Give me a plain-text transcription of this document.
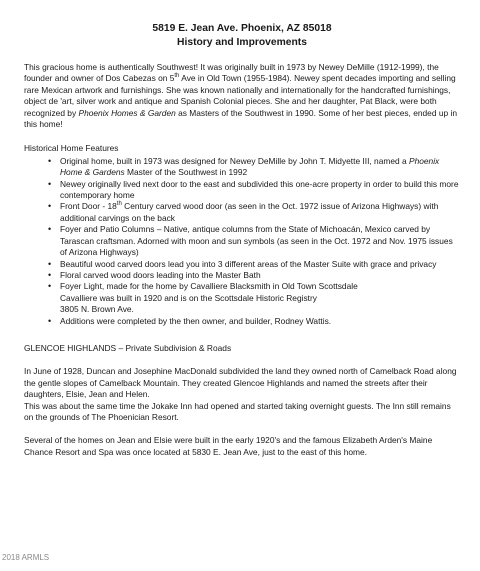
5819 E. Jean Ave. Phoenix, AZ 85018

History and Improvements

This gracious home is authentically Southwest! It was originally built in 1973 by Newey DeMille (1912-1999), the founder and owner of Dos Cabezas on 5th Ave in Old Town (1955-1984). Newey spent decades importing and selling rare Mexican artwork and furnishings. She was known nationally and internationally for the handcrafted furnishings, object de 'art, silver work and antique and Spanish Colonial pieces. She and her daughter, Pat Black, were both recognized by Phoenix Homes & Garden as Masters of the Southwest in 1990. Some of her best pieces, ended up in this home!

Historical Home Features

• Original home, built in 1973 was designed for Newey DeMille by John T. Midyette III, named a Phoenix Home & Gardens Master of the Southwest in 1992
• Newey originally lived next door to the east and subdivided this one-acre property in order to build this more contemporary home
• Front Door - 18th Century carved wood door (as seen in the Oct. 1972 issue of Arizona Highways) with additional carvings on the back
• Foyer and Patio Columns – Native, antique columns from the State of Michoacán, Mexico carved by Tarascan craftsman. Adorned with moon and sun symbols (as seen in the Oct. 1972 and Nov. 1975 issues of Arizona Highways)
• Beautiful wood carved doors lead you into 3 different areas of the Master Suite with grace and privacy
• Floral carved wood doors leading into the Master Bath
• Foyer Light, made for the home by Cavalliere Blacksmith in Old Town Scottsdale
Cavalliere was built in 1920 and is on the Scottsdale Historic Registry
3805 N. Brown Ave.
• Additions were completed by the then owner, and builder, Rodney Wattis.

GLENCOE HIGHLANDS – Private Subdivision & Roads

In June of 1928, Duncan and Josephine MacDonald subdivided the land they owned north of Camelback Road along the gentle slopes of Camelback Mountain. They created Glencoe Highlands and named the streets after their daughters, Elsie, Jean and Helen.

This was about the same time the Jokake Inn had opened and started taking overnight guests. The Inn still remains on the grounds of The Phoenician Resort.

Several of the homes on Jean and Elsie were built in the early 1920's and the famous Elizabeth Arden's Maine Chance Resort and Spa was once located at 5830 E. Jean Ave, just to the east of this home.

2018 ARMLS
